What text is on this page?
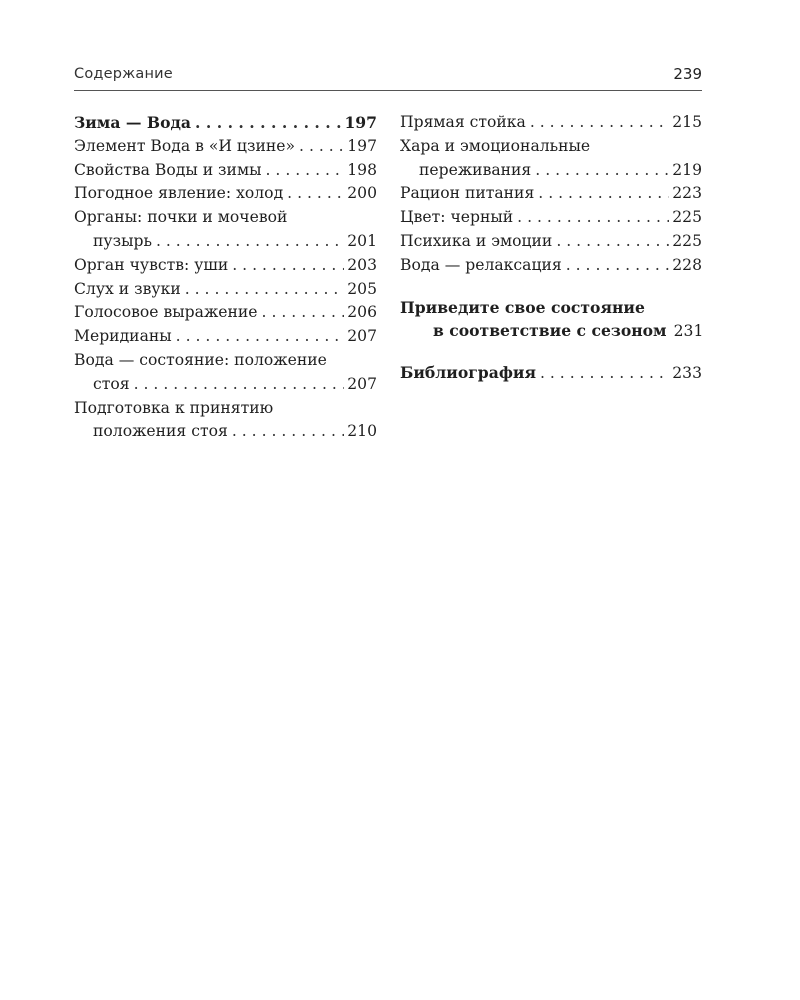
Содержание	239
Зима — Вода . . .	197
Элемент Вода в «И цзине» . . .	197
Свойства Воды и зимы . . .	198
Погодное явление: холод . . .	200
Органы: почки и мочевой
пузырь . . .	201
Орган чувств: уши . . .	203
Слух и звуки . . .	205
Голосовое выражение . . .	206
Меридианы . . .	207
Вода — состояние: положение
стоя . . .	207
Подготовка к принятию
положения стоя . . .	210
Прямая стойка . . .	215
Хара и эмоциональные
переживания . . .	219
Рацион питания . . .	223
Цвет: черный . . .	225
Психика и эмоции . . .	225
Вода — релаксация . . .	228
Приведите свое состояние
в соответствие с сезоном 231
Библиография . . .	233
